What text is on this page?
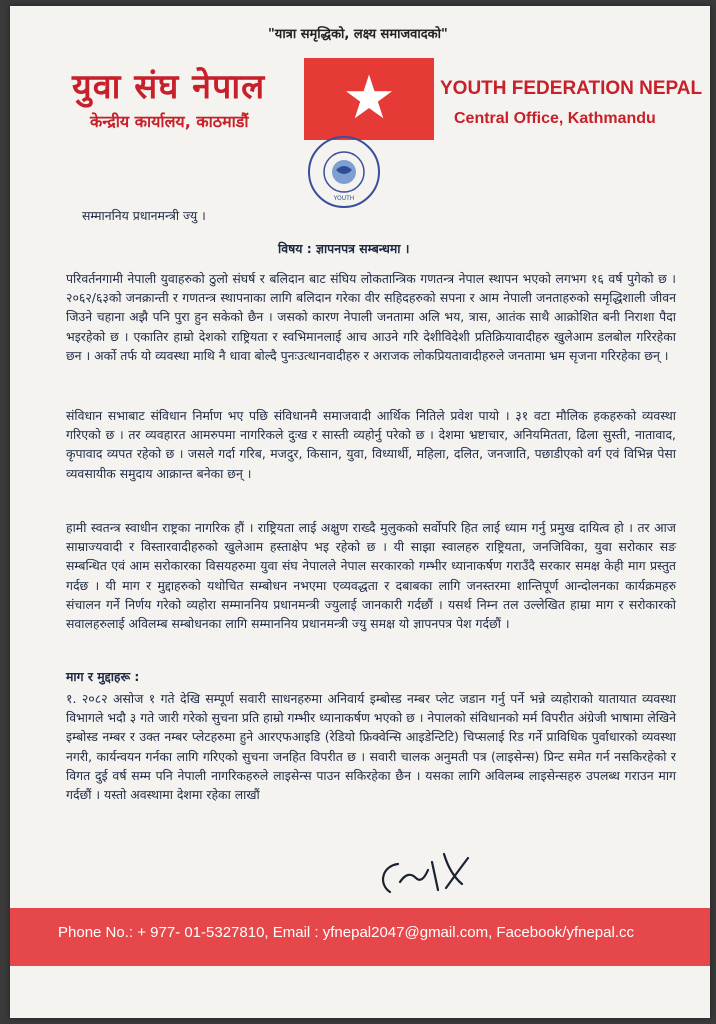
"यात्रा समृद्धिको, लक्ष्य समाजवादको"
युवा संघ नेपाल
केन्द्रीय कार्यालय, काठमाडौं	★	YOUTH FEDERATION NEPAL
Central Office, Kathmandu
YOUTH
सम्माननिय प्रधानमन्त्री ज्यु ।
विषय : ज्ञापनपत्र सम्बन्धमा ।
परिवर्तनगामी नेपाली युवाहरुको ठुलो संघर्ष र बलिदान बाट संघिय लोकतान्त्रिक गणतन्त्र नेपाल स्थापन भएको लगभग १६ वर्ष पुगेको छ । २०६२/६३को जनक्रान्ती र गणतन्त्र स्थापनाका लागि बलिदान गरेका वीर सहिदहरुको सपना र आम नेपाली जनताहरुको समृद्धिशाली जीवन जिउने चहाना अझै पनि पुरा हुन सकेको छैन । जसको कारण नेपाली जनतामा अलि भय, त्रास, आतंक साथै आक्रोशित बनी निराशा पैदा भइरहेको छ । एकातिर हाम्रो देशको राष्ट्रियता र स्वभिमानलाई आच आउने गरि देशीविदेशी प्रतिक्रियावादीहरु खुलेआम डलबोल गरिरहेका छन । अर्को तर्फ यो व्यवस्था माथि नै धावा बोल्दै पुनःउत्थानवादीहरु र अराजक लोकप्रियतावादीहरुले जनतामा भ्रम सृजना गरिरहेका छन् ।
संविधान सभाबाट संविधान निर्माण भए पछि संविधानमै समाजवादी आर्थिक नितिले प्रवेश पायो । ३१ वटा मौलिक हकहरुको व्यवस्था गरिएको छ । तर व्यवहारत आमरुपमा नागरिकले दुःख र सास्ती व्यहोर्नु परेको छ । देशमा भ्रष्टाचार, अनियमितता, ढिला सुस्ती, नातावाद, कृपावाद व्यपत रहेको छ । जसले गर्दा गरिब, मजदुर, किसान, युवा, विध्यार्थी, महिला, दलित, जनजाति, पछाडीएको वर्ग एवं विभिन्न पेसा व्यवसायीक समुदाय आक्रान्त बनेका छन् ।
हामी स्वतन्त्र स्वाधीन राष्ट्रका नागरिक हौं । राष्ट्रियता लाई अक्षुण राख्दै मुलुकको सर्वोपरि हित लाई ध्याम गर्नु प्रमुख दायित्व हो । तर आज साम्राज्यवादी र विस्तारवादीहरुको खुलेआम हस्ताक्षेप भइ रहेको छ । यी साझा स्वालहरु राष्ट्रियता, जनजिविका, युवा सरोकार सङ सम्बन्धित एवं आम सरोकारका विसयहरुमा युवा संघ नेपालले नेपाल सरकारको गम्भीर ध्यानाकर्षण गराउँदै सरकार समक्ष केही माग प्रस्तुत गर्दछ । यी माग र मुद्दाहरुको यथोचित सम्बोधन नभएमा एव्यवद्धता र दबाबका लागि जनस्तरमा शान्तिपूर्ण आन्दोलनका कार्यक्रमहरु संचालन गर्ने निर्णय गरेको व्यहोरा सम्माननिय प्रधानमन्त्री ज्युलाई जानकारी गर्दछौं । यसर्थ निम्न तल उल्लेखित हाम्रा माग र सरोकारको सवालहरुलाई अविलम्ब सम्बोधनका लागि सम्माननिय प्रधानमन्त्री ज्यु समक्ष यो ज्ञापनपत्र पेश गर्दछौं ।
माग र मुद्दाहरू :
१. २०८२ असोज १ गते देखि सम्पूर्ण सवारी साधनहरुमा अनिवार्य इम्बोस्ड नम्बर प्लेट जडान गर्नु पर्ने भन्ने व्यहोराको यातायात व्यवस्था विभागले भदौ ३ गते जारी गरेको सुचना प्रति हाम्रो गम्भीर ध्यानाकर्षण भएको छ । नेपालको संविधानको मर्म विपरीत अंग्रेजी भाषामा लेखिने इम्बोस्ड नम्बर र उक्त नम्बर प्लेटहरुमा हुने आरएफआइडि (रेडियो फ्रिक्वेन्सि आइडेन्टिटि) चिप्सलाई रिड गर्ने प्राविधिक पुर्वाधारको व्यवस्था नगरी, कार्यन्वयन गर्नका लागि गरिएको सुचना जनहित विपरीत छ । सवारी चालक अनुमती पत्र (लाइसेन्स) प्रिन्ट समेत गर्न नसकिरहेको र विगत दुई वर्ष सम्म पनि नेपाली नागरिकहरुले लाइसेन्स पाउन सकिरहेका छैन । यसका लागि अविलम्ब लाइसेन्सहरु उपलब्ध गराउन माग गर्दछौं । यस्तो अवस्थामा देशमा रहेका लाखौं
Phone No.: + 977- 01-5327810, Email : yfnepal2047@gmail.com, Facebook/yfnepal.cc
